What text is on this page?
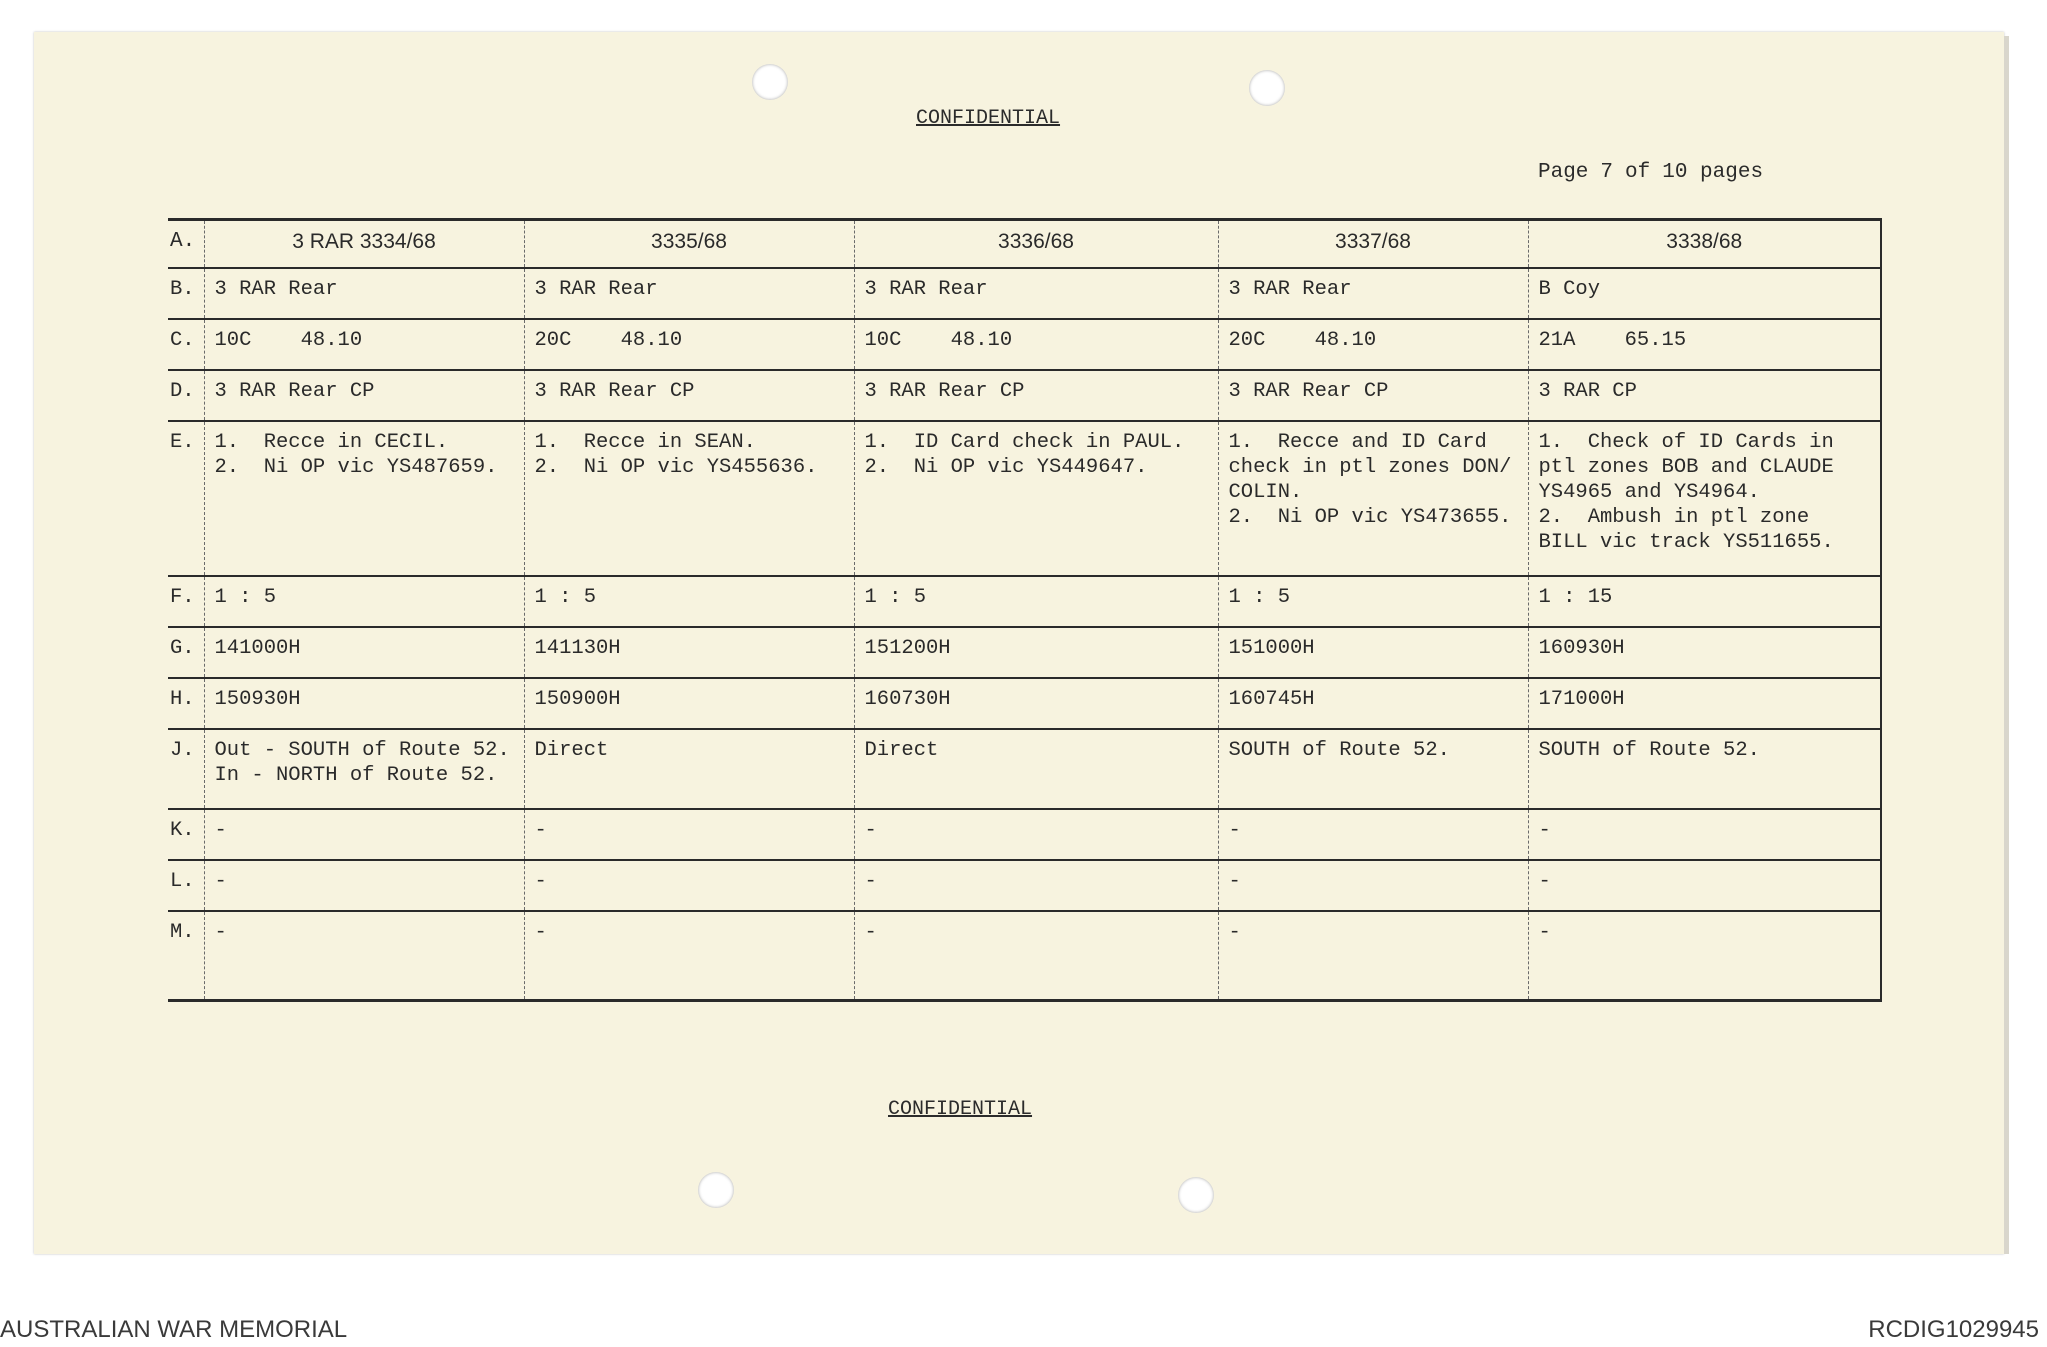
CONFIDENTIAL
Page 7 of 10 pages
A.	3 RAR 3334/68	3335/68	3336/68	3337/68	3338/68
B.	3 RAR Rear	3 RAR Rear	3 RAR Rear	3 RAR Rear	B Coy
C.	10C    48.10	20C    48.10	10C    48.10	20C    48.10	21A    65.15
D.	3 RAR Rear CP	3 RAR Rear CP	3 RAR Rear CP	3 RAR Rear CP	3 RAR CP
E.	1.  Recce in CECIL.
2.  Ni OP vic YS487659.	1.  Recce in SEAN.
2.  Ni OP vic YS455636.	1.  ID Card check in PAUL.
2.  Ni OP vic YS449647.	1.  Recce and ID Card check in ptl zones DON/ COLIN.
2.  Ni OP vic YS473655.	1.  Check of ID Cards in ptl zones BOB and CLAUDE YS4965 and YS4964.
2.  Ambush in ptl zone BILL vic track YS511655.
F.	1 : 5	1 : 5	1 : 5	1 : 5	1 : 15
G.	141000H	141130H	151200H	151000H	160930H
H.	150930H	150900H	160730H	160745H	171000H
J.	Out - SOUTH of Route 52.
In - NORTH of Route 52.	Direct	Direct	SOUTH of Route 52.	SOUTH of Route 52.
K.	-	-	-	-	-
L.	-	-	-	-	-
M.	-	-	-	-	-
CONFIDENTIAL
AUSTRALIAN WAR MEMORIAL	RCDIG1029945
